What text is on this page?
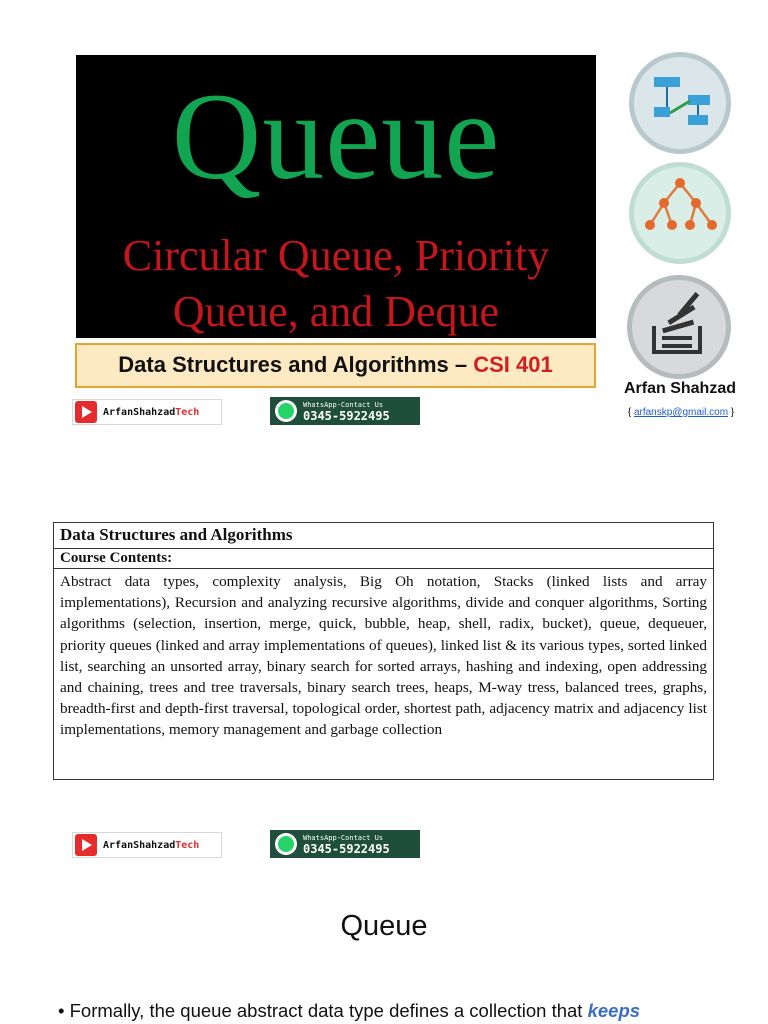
Queue
Circular Queue, Priority
Queue, and Deque
Data Structures and Algorithms – CSI 401
Arfan Shahzad
{ arfanskp@gmail.com }
ArfanShahzadTech
WhatsApp-Contact Us
0345-5922495
Data Structures and Algorithms
Course Contents:
Abstract data types, complexity analysis, Big Oh notation, Stacks (linked lists and array implementations), Recursion and analyzing recursive algorithms, divide and conquer algorithms, Sorting algorithms (selection, insertion, merge, quick, bubble, heap, shell, radix, bucket), queue, dequeuer, priority queues (linked and array implementations of queues), linked list & its various types, sorted linked list, searching an unsorted array, binary search for sorted arrays, hashing and indexing, open addressing and chaining, trees and tree traversals, binary search trees, heaps, M-way tress, balanced trees, graphs, breadth-first and depth-first traversal, topological order, shortest path, adjacency matrix and adjacency list implementations, memory management and garbage collection
ArfanShahzadTech
WhatsApp-Contact Us
0345-5922495
Queue
• Formally, the queue abstract data type defines a collection that keeps
